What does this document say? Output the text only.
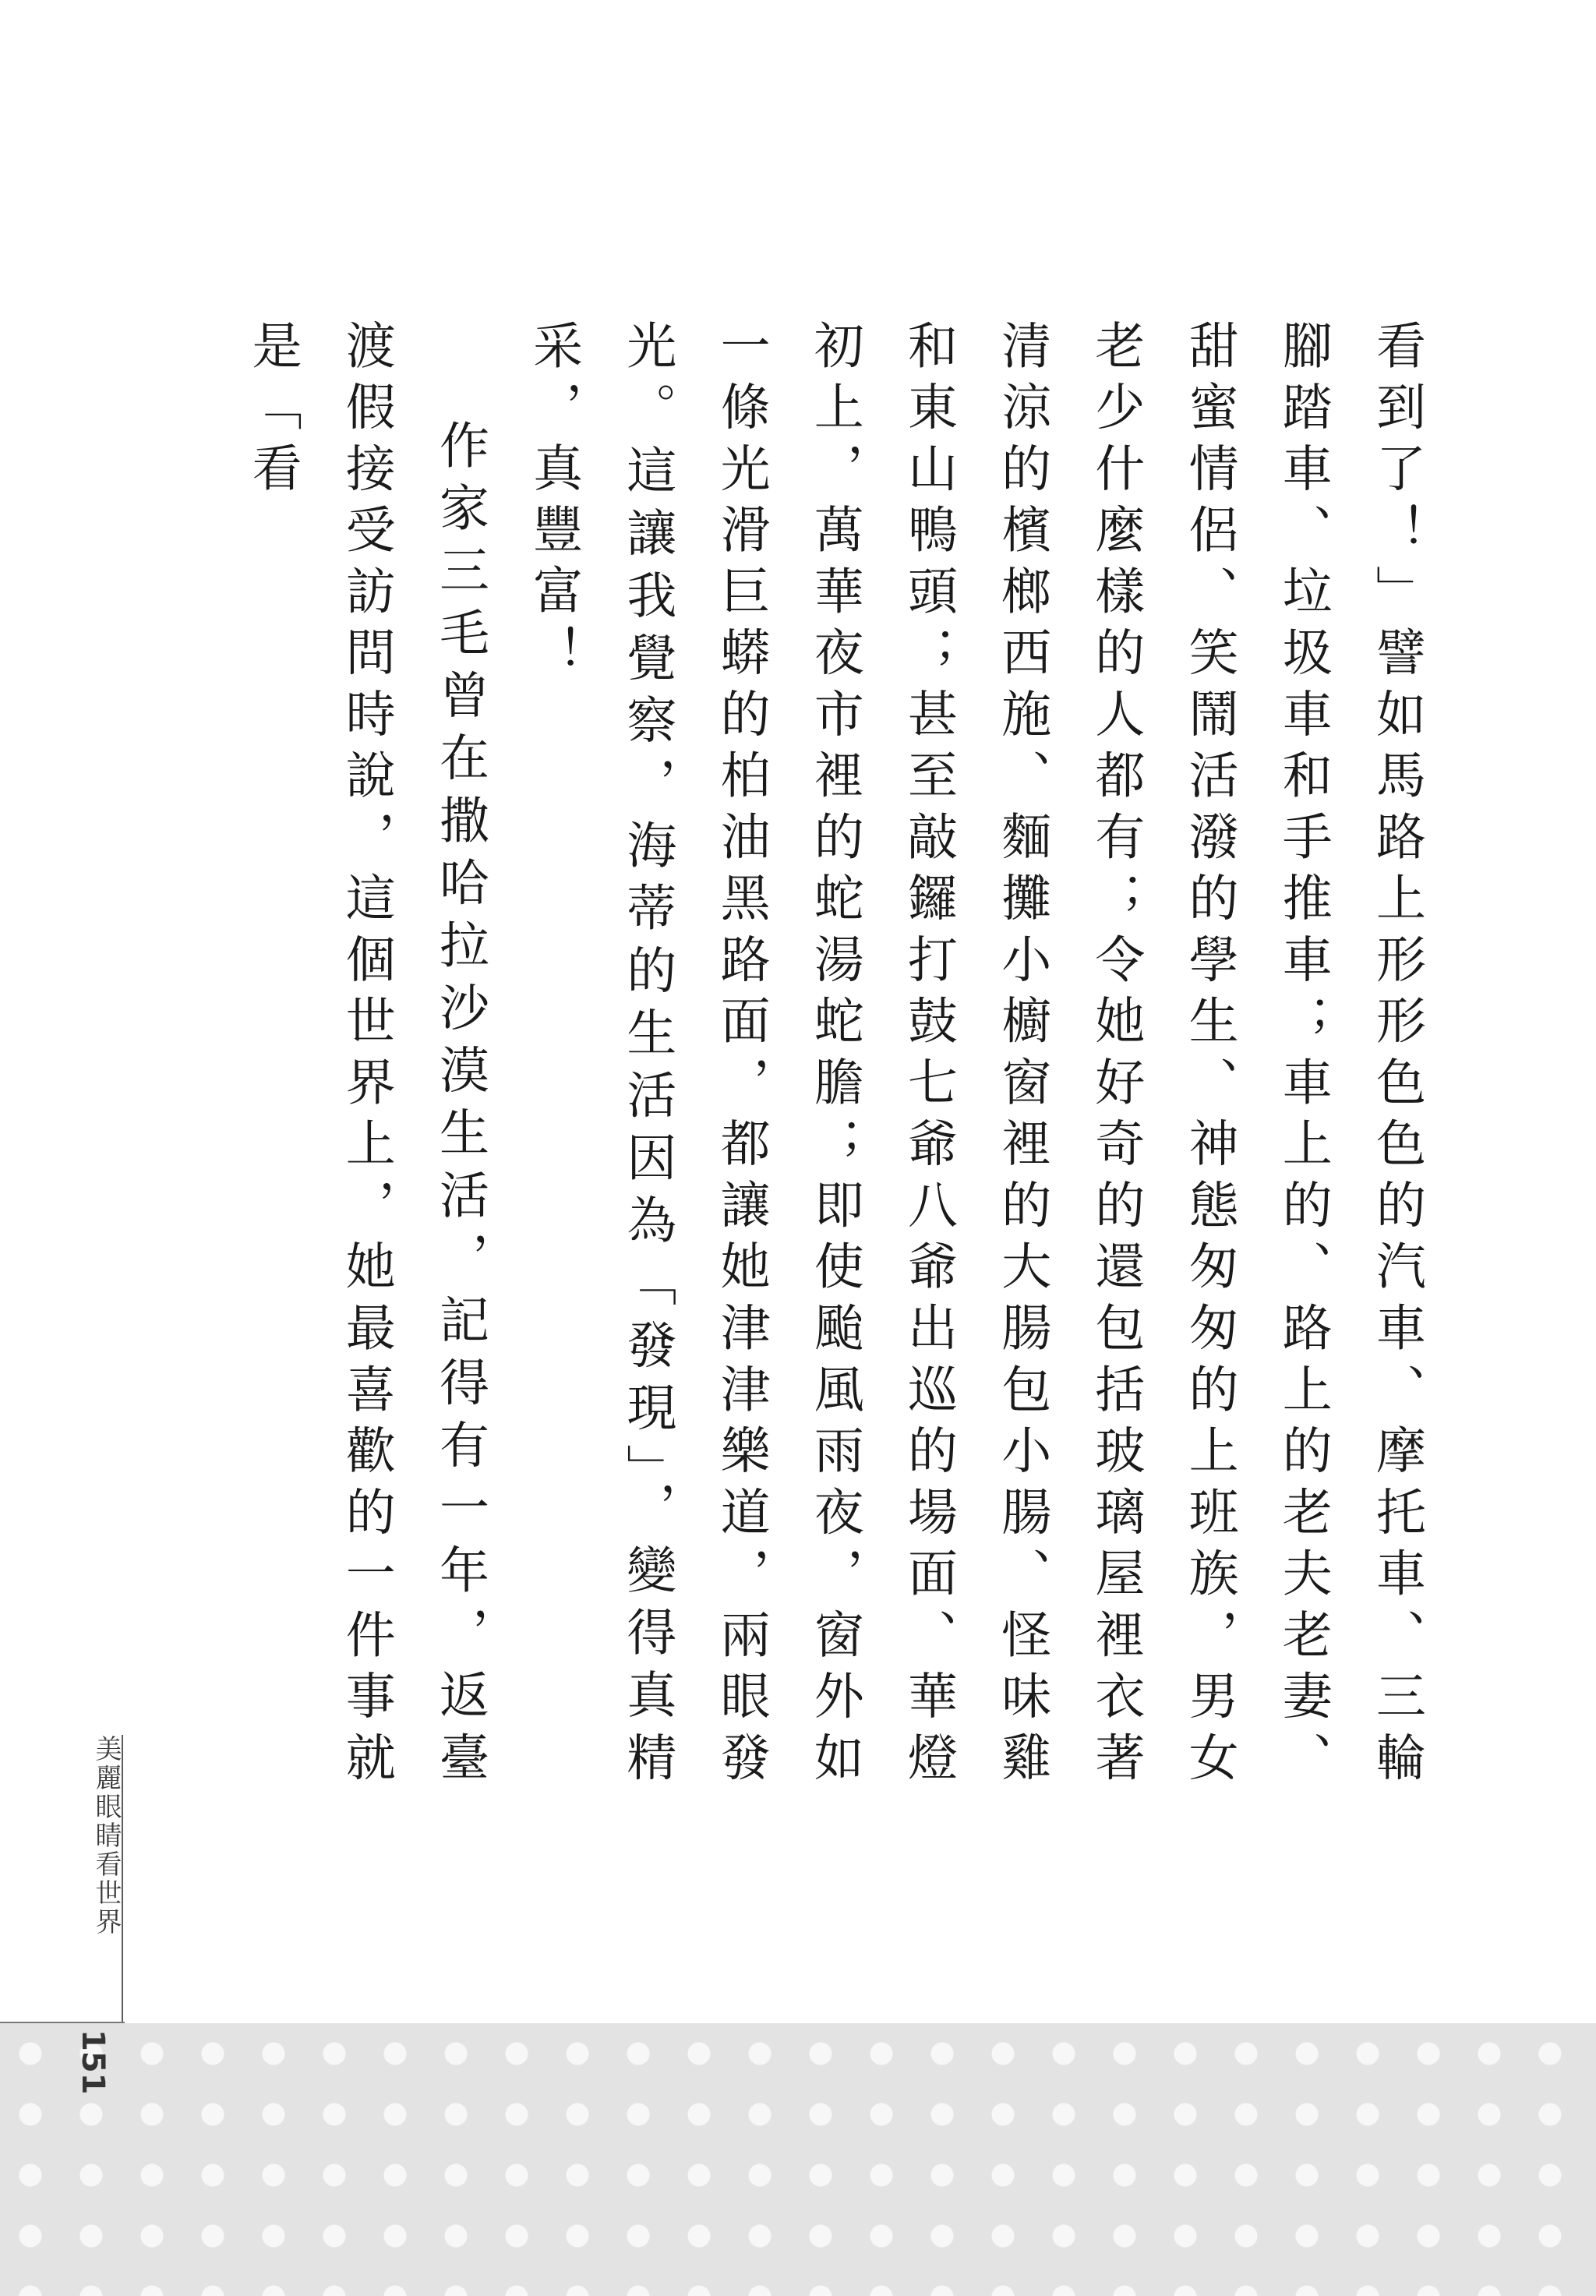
看到了！」譬如馬路上形形色色的汽車、摩托車、三輪腳踏車、垃圾車和手推車；車上的、路上的老夫老妻、甜蜜情侶、笑鬧活潑的學生、神態匆匆的上班族，男女老少什麼樣的人都有；令她好奇的還包括玻璃屋裡衣著清涼的檳榔西施、麵攤小櫥窗裡的大腸包小腸、怪味雞和東山鴨頭；甚至敲鑼打鼓七爺八爺出巡的場面、華燈初上，萬華夜市裡的蛇湯蛇膽；即使颱風雨夜，窗外如一條光滑巨蟒的柏油黑路面，都讓她津津樂道，兩眼發光。這讓我覺察，海蒂的生活因為「發現」，變得真精采，真豐富！

作家三毛曾在撒哈拉沙漠生活，記得有一年，返臺渡假接受訪問時說，這個世界上，她最喜歡的一件事就是「看

美麗眼睛看世界
151
